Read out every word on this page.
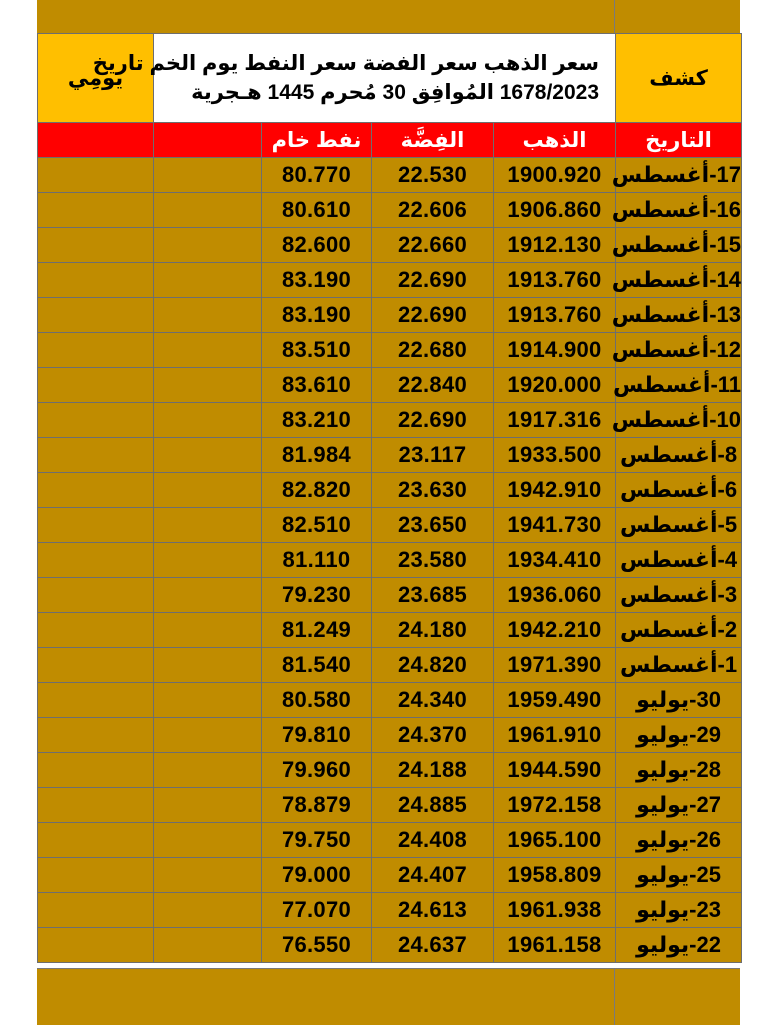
يومِي	سعر الذهب سعر الفضة سعر النفط يوم الخم تاريخ
1678/2023 المُوافِق 30 مُحرم 1445 هـجرية				كشف
		نفط خام	الفِضَّة	الذهب	التاريخ
		80.770	22.530	1900.920	17-أغسطس
		80.610	22.606	1906.860	16-أغسطس
		82.600	22.660	1912.130	15-أغسطس
		83.190	22.690	1913.760	14-أغسطس
		83.190	22.690	1913.760	13-أغسطس
		83.510	22.680	1914.900	12-أغسطس
		83.610	22.840	1920.000	11-أغسطس
		83.210	22.690	1917.316	10-أغسطس
		81.984	23.117	1933.500	8-أغسطس
		82.820	23.630	1942.910	6-أغسطس
		82.510	23.650	1941.730	5-أغسطس
		81.110	23.580	1934.410	4-أغسطس
		79.230	23.685	1936.060	3-أغسطس
		81.249	24.180	1942.210	2-أغسطس
		81.540	24.820	1971.390	1-أغسطس
		80.580	24.340	1959.490	30-يوليو
		79.810	24.370	1961.910	29-يوليو
		79.960	24.188	1944.590	28-يوليو
		78.879	24.885	1972.158	27-يوليو
		79.750	24.408	1965.100	26-يوليو
		79.000	24.407	1958.809	25-يوليو
		77.070	24.613	1961.938	23-يوليو
		76.550	24.637	1961.158	22-يوليو
